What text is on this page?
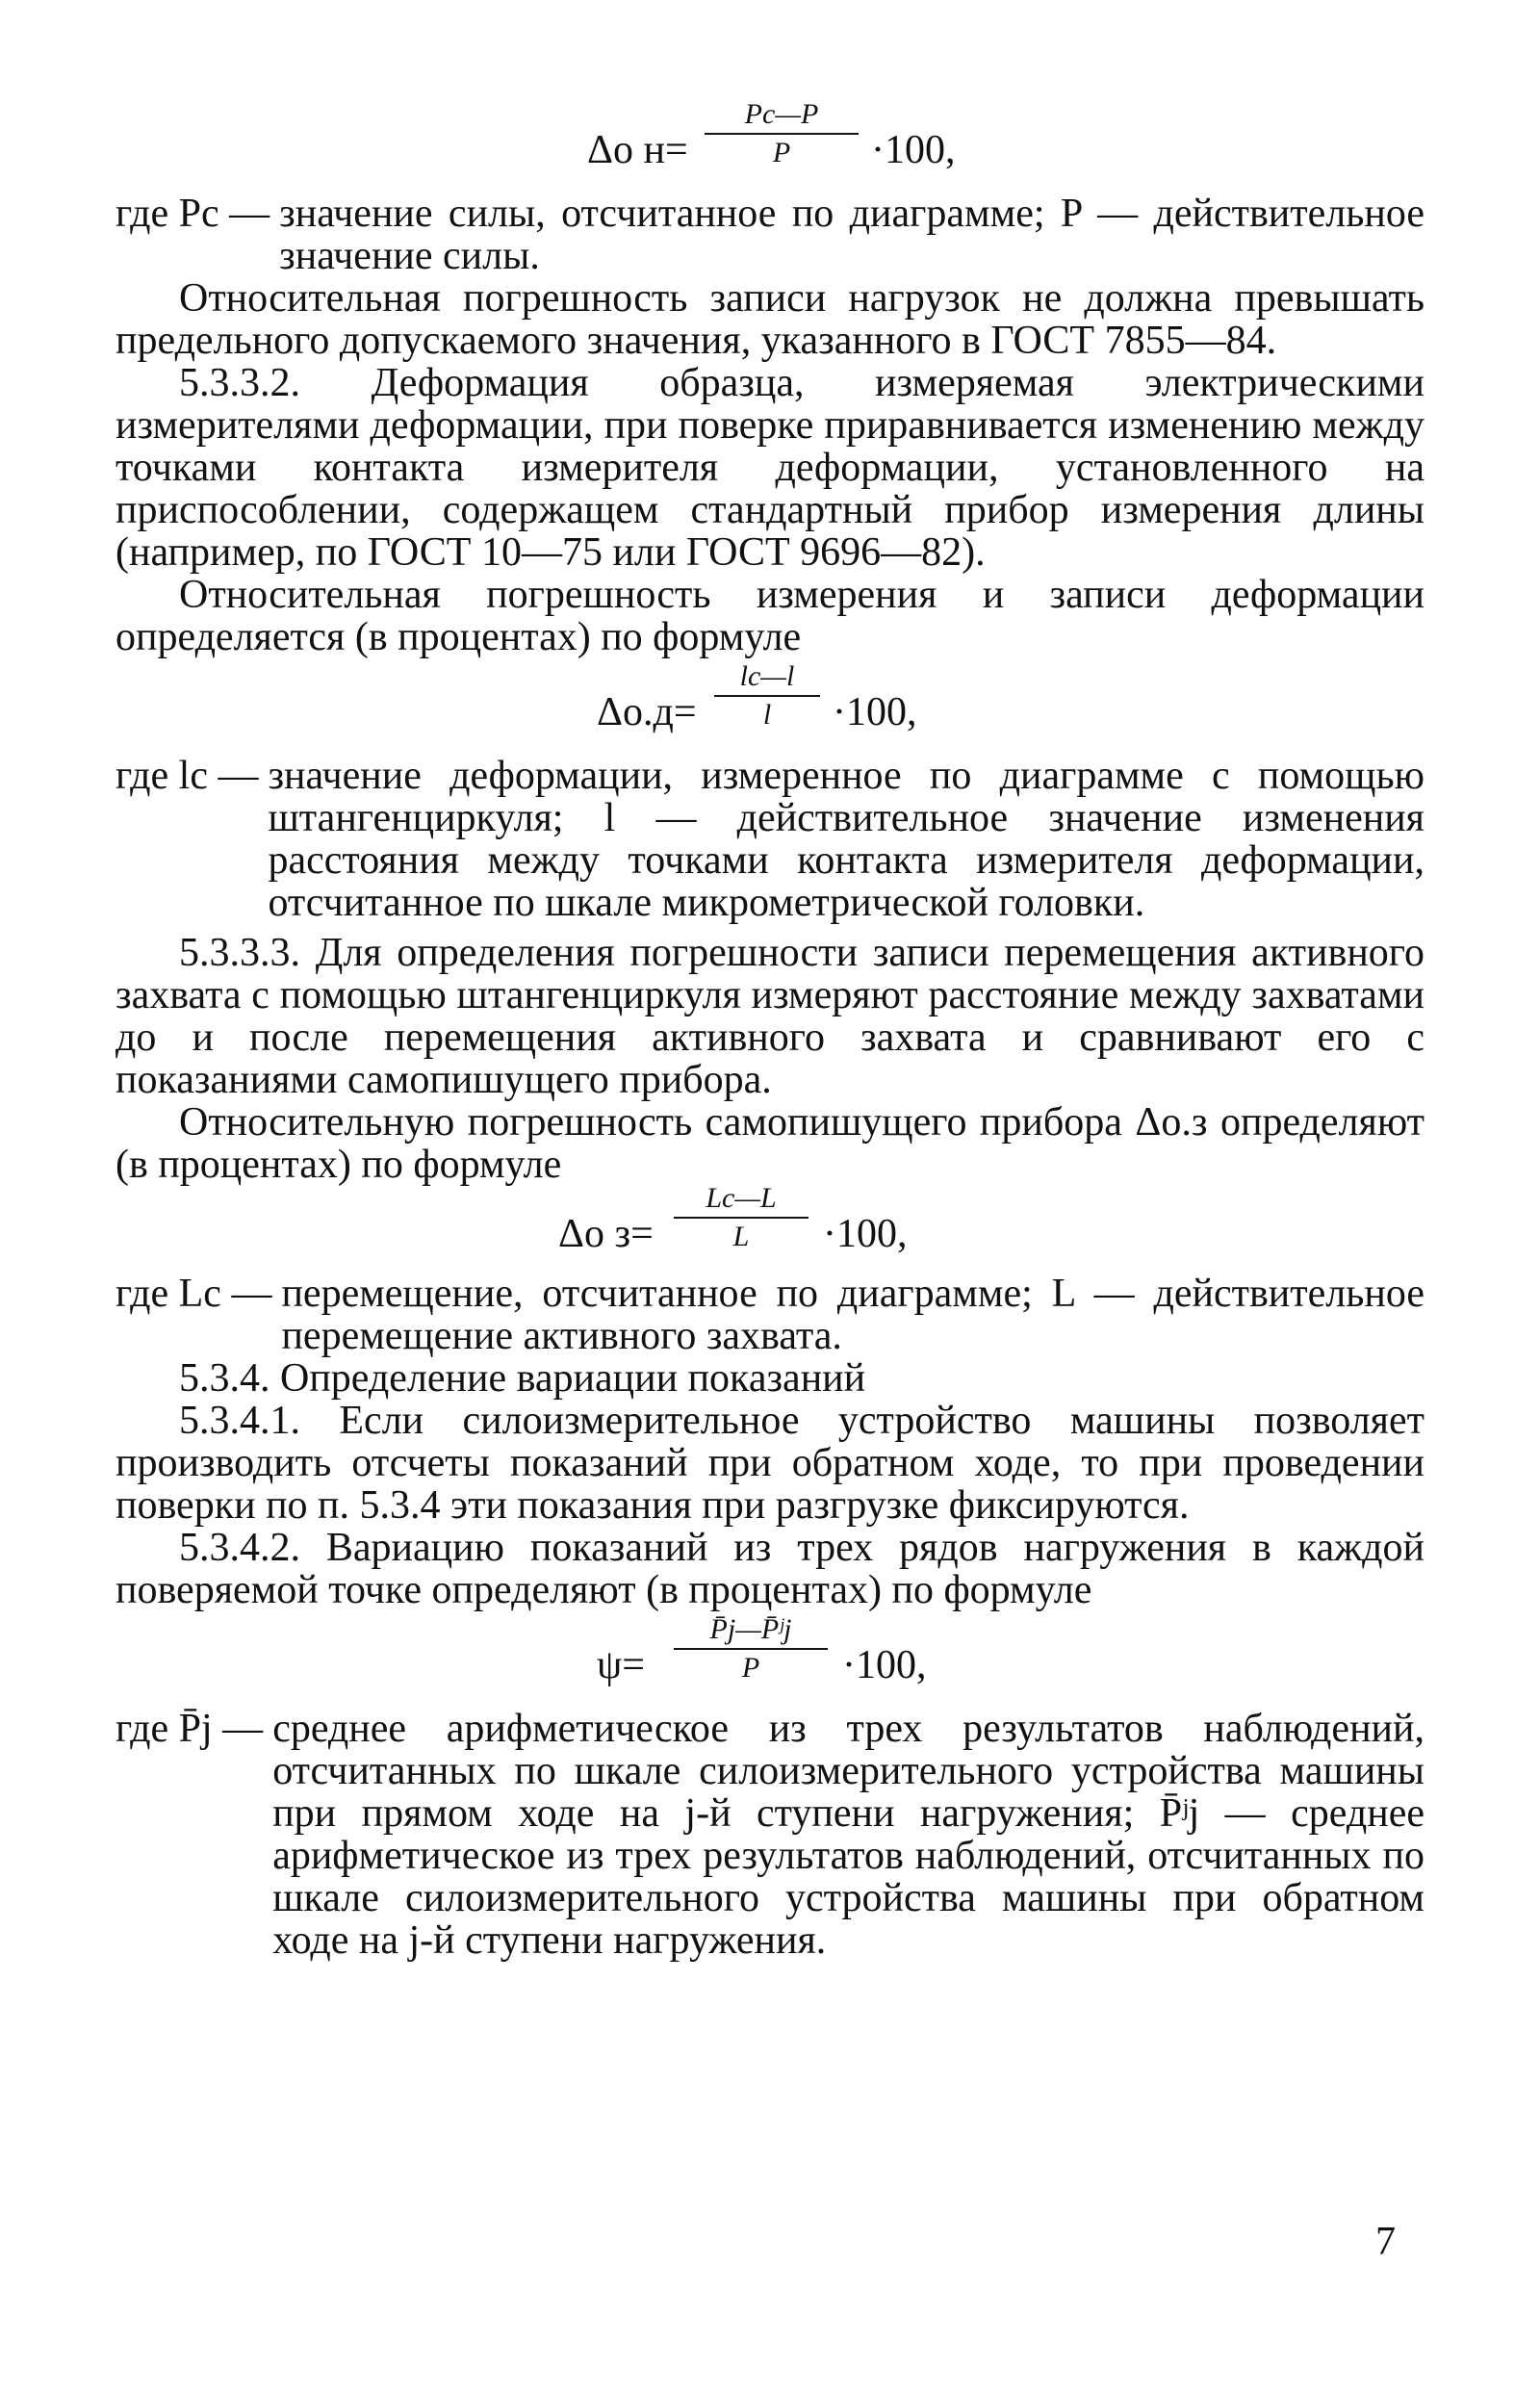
Δо н=
Pс—P
P	·100,
где Pс — значение силы, отсчитанное по диаграмме; P — действительное значение силы.

Относительная погрешность записи нагрузок не должна превышать предельного допускаемого значения, указанного в ГОСТ 7855—84.

5.3.3.2. Деформация образца, измеряемая электрическими измерителями деформации, при поверке приравнивается изменению между точками контакта измерителя деформации, установленного на приспособлении, содержащем стандартный прибор измерения длины (например, по ГОСТ 10—75 или ГОСТ 9696—82).

Относительная погрешность измерения и записи деформации определяется (в процентах) по формуле

Δо.д=
lс—l
l	·100,
где lс — значение деформации, измеренное по диаграмме с помощью штангенциркуля; l — действительное значение изменения расстояния между точками контакта измерителя деформации, отсчитанное по шкале микрометрической головки.

5.3.3.3. Для определения погрешности записи перемещения активного захвата с помощью штангенциркуля измеряют расстояние между захватами до и после перемещения активного захвата и сравнивают его с показаниями самопишущего прибора.

Относительную погрешность самопишущего прибора Δо.з определяют (в процентах) по формуле

Δо з=
Lс—L
L	·100,
где Lс — перемещение, отсчитанное по диаграмме; L — действительное перемещение активного захвата.

5.3.4. Определение вариации показаний

5.3.4.1. Если силоизмерительное устройство машины позволяет производить отсчеты показаний при обратном ходе, то при проведении поверки по п. 5.3.4 эти показания при разгрузке фиксируются.

5.3.4.2. Вариацию показаний из трех рядов нагружения в каждой поверяемой точке определяют (в процентах) по формуле

ψ=
P̄j—P̄ʲj
P	·100,
где P̄j — среднее арифметическое из трех результатов наблюдений, отсчитанных по шкале силоизмерительного устройства машины при прямом ходе на j-й ступени нагружения; P̄ʲj — среднее арифметическое из трех результатов наблюдений, отсчитанных по шкале силоизмерительного устройства машины при обратном ходе на j-й ступени нагружения.
7
